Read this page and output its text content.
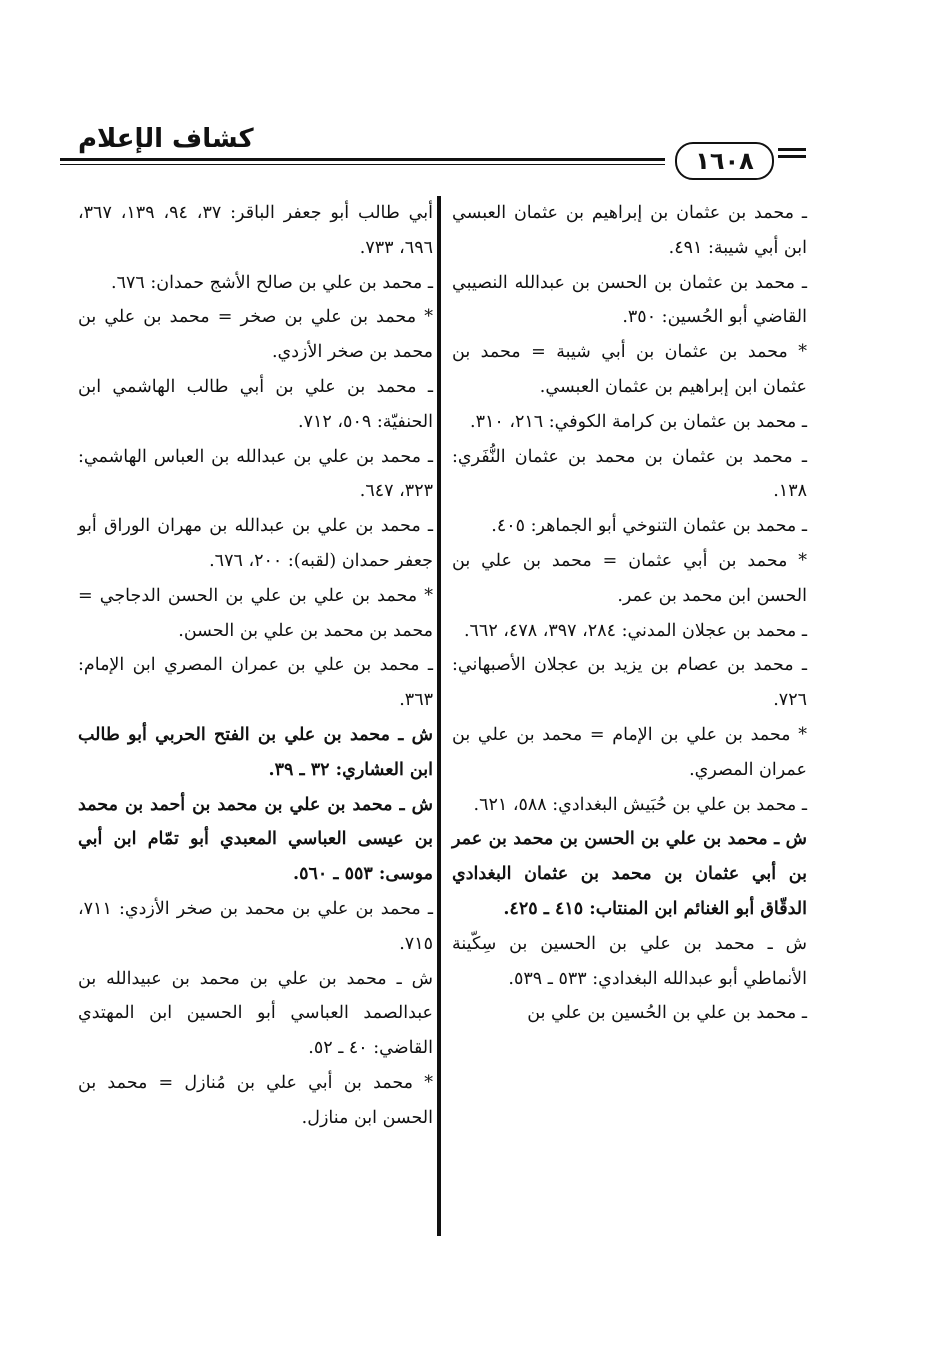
كشاف الإعلام
١٦٠٨

ـ محمد بن عثمان بن إبراهيم بن عثمان العبسي ابن أبي شيبة: ٤٩١.

ـ محمد بن عثمان بن الحسن بن عبدالله النصيبي القاضي أبو الحُسين: ٣٥٠.

* محمد بن عثمان بن أبي شيبة = محمد بن عثمان ابن إبراهيم بن عثمان العبسي.

ـ محمد بن عثمان بن كرامة الكوفي: ٢١٦، ٣١٠.

ـ محمد بن عثمان بن محمد بن عثمان النُّفَري: ١٣٨.

ـ محمد بن عثمان التنوخي أبو الجماهر: ٤٠٥.

* محمد بن أبي عثمان = محمد بن علي بن الحسن ابن محمد بن عمر.

ـ محمد بن عجلان المدني: ٢٨٤، ٣٩٧، ٤٧٨، ٦٦٢.

ـ محمد بن عصام بن يزيد بن عجلان الأصبهاني: ٧٢٦.

* محمد بن علي بن الإمام = محمد بن علي بن عمران المصري.

ـ محمد بن علي بن حُبَيش البغدادي: ٥٨٨، ٦٢١.

ش ـ محمد بن علي بن الحسن بن محمد بن عمر بن أبي عثمان بن محمد بن عثمان البغدادي الدقّاق أبو الغنائم ابن المنتاب: ٤١٥ ـ ٤٢٥.

ش ـ محمد بن علي بن الحسين بن سِكّينة الأنماطي أبو عبدالله البغدادي: ٥٣٣ ـ ٥٣٩.

ـ محمد بن علي بن الحُسين بن علي بن

أبي طالب أبو جعفر الباقر: ٣٧، ٩٤، ١٣٩، ٣٦٧، ٦٩٦، ٧٣٣.

ـ محمد بن علي بن صالح الأشج حمدان: ٦٧٦.

* محمد بن علي بن صخر = محمد بن علي بن محمد بن صخر الأزدي.

ـ محمد بن علي بن أبي طالب الهاشمي ابن الحنفيّة: ٥٠٩، ٧١٢.

ـ محمد بن علي بن عبدالله بن العباس الهاشمي: ٣٢٣، ٦٤٧.

ـ محمد بن علي بن عبدالله بن مهران الوراق أبو جعفر حمدان (لقبه): ٢٠٠، ٦٧٦.

* محمد بن علي بن علي بن الحسن الدجاجي = محمد بن محمد بن علي بن الحسن.

ـ محمد بن علي بن عمران المصري ابن الإمام: ٣٦٣.

ش ـ محمد بن علي بن الفتح الحربي أبو طالب ابن العشاري: ٣٢ ـ ٣٩.

ش ـ محمد بن علي بن محمد بن أحمد بن محمد بن عيسى العباسي المعبدي أبو تمّام ابن أبي موسى: ٥٥٣ ـ ٥٦٠.

ـ محمد بن علي بن محمد بن صخر الأزدي: ٧١١، ٧١٥.

ش ـ محمد بن علي بن محمد بن عبيدالله بن عبدالصمد العباسي أبو الحسين ابن المهتدي القاضي: ٤٠ ـ ٥٢.

* محمد بن أبي علي بن مُنازل = محمد بن الحسن ابن منازل.
